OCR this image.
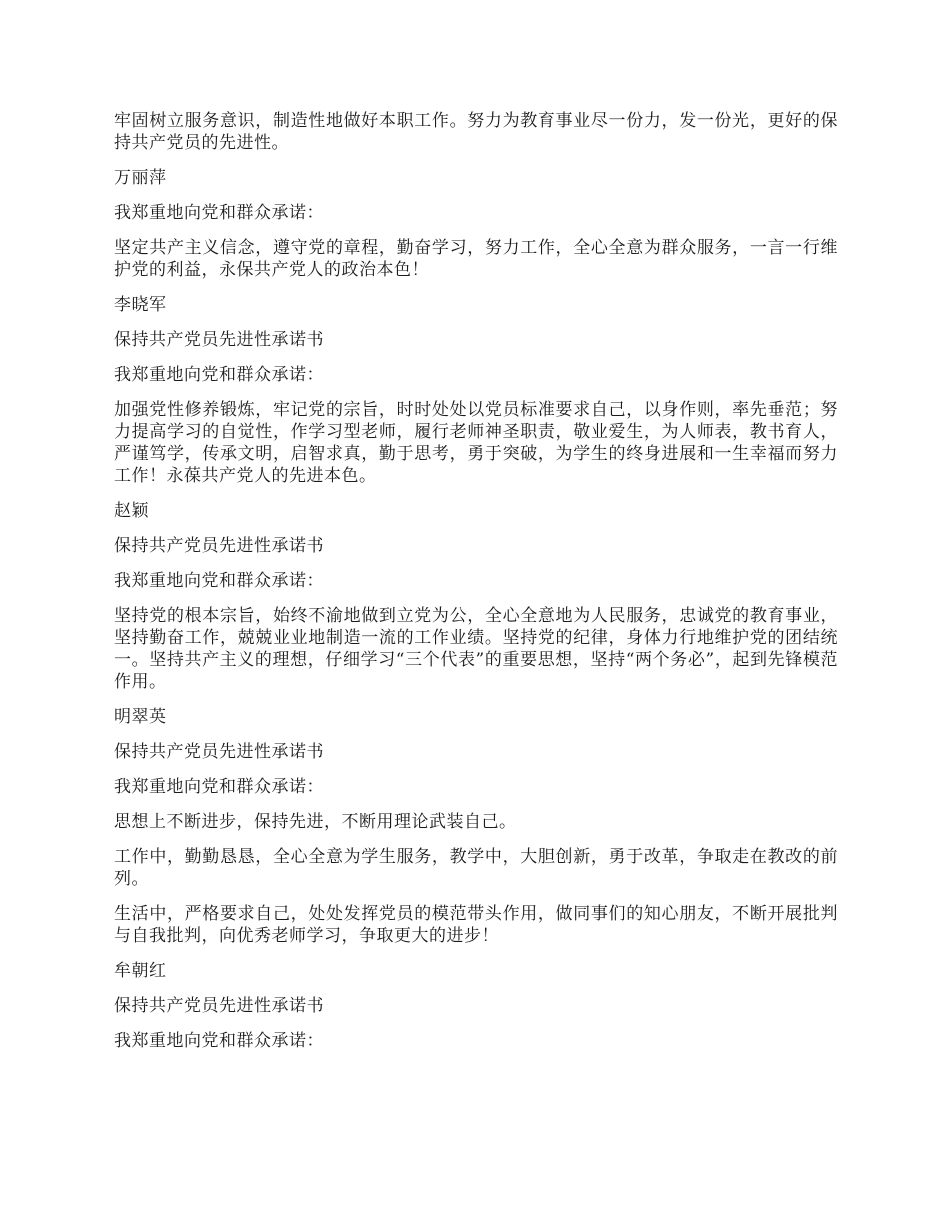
牢固树立服务意识，制造性地做好本职工作。努力为教育事业尽一份力，发一份光，更好的保持共产党员的先进性。

万丽萍

我郑重地向党和群众承诺：

坚定共产主义信念，遵守党的章程，勤奋学习，努力工作，全心全意为群众服务，一言一行维护党的利益，永保共产党人的政治本色！

李晓军

保持共产党员先进性承诺书

我郑重地向党和群众承诺：

加强党性修养锻炼，牢记党的宗旨，时时处处以党员标准要求自己，以身作则，率先垂范；努力提高学习的自觉性，作学习型老师，履行老师神圣职责，敬业爱生，为人师表，教书育人，严谨笃学，传承文明，启智求真，勤于思考，勇于突破，为学生的终身进展和一生幸福而努力工作！永葆共产党人的先进本色。

赵颖

保持共产党员先进性承诺书

我郑重地向党和群众承诺：

坚持党的根本宗旨，始终不渝地做到立党为公，全心全意地为人民服务，忠诚党的教育事业，坚持勤奋工作，兢兢业业地制造一流的工作业绩。坚持党的纪律，身体力行地维护党的团结统一。坚持共产主义的理想，仔细学习“三个代表”的重要思想，坚持“两个务必”，起到先锋模范作用。

明翠英

保持共产党员先进性承诺书

我郑重地向党和群众承诺：

思想上不断进步，保持先进，不断用理论武装自己。

工作中，勤勤恳恳，全心全意为学生服务，教学中，大胆创新，勇于改革，争取走在教改的前列。

生活中，严格要求自己，处处发挥党员的模范带头作用，做同事们的知心朋友，不断开展批判与自我批判，向优秀老师学习，争取更大的进步！

牟朝红

保持共产党员先进性承诺书

我郑重地向党和群众承诺：
